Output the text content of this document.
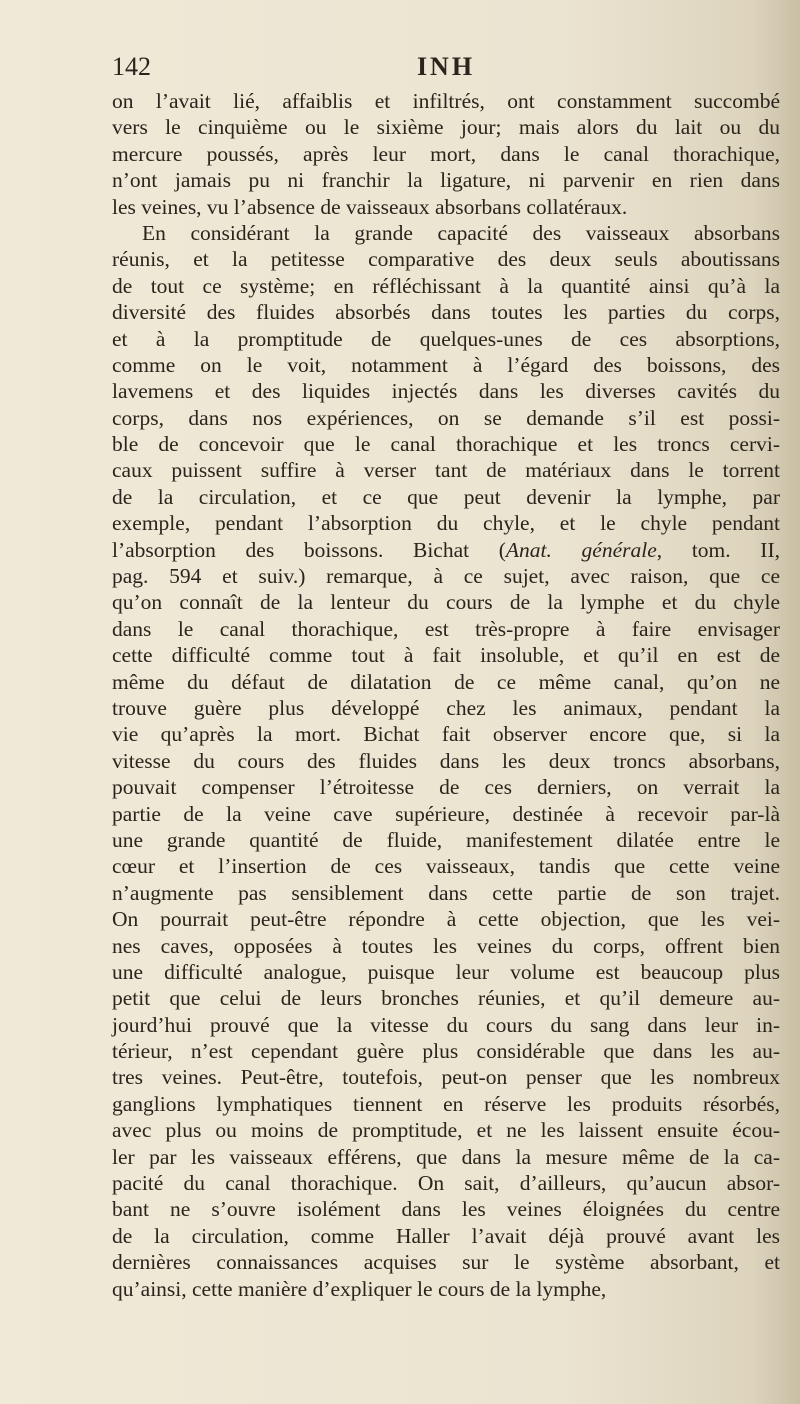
142	INH
on l’avait lié, affaiblis et infiltrés, ont constamment succombé
vers le cinquième ou le sixième jour; mais alors du lait ou du
mercure poussés, après leur mort, dans le canal thorachique,
n’ont jamais pu ni franchir la ligature, ni parvenir en rien dans
les veines, vu l’absence de vaisseaux absorbans collatéraux.
En considérant la grande capacité des vaisseaux absorbans
réunis, et la petitesse comparative des deux seuls aboutissans
de tout ce système; en réfléchissant à la quantité ainsi qu’à la
diversité des fluides absorbés dans toutes les parties du corps,
et à la promptitude de quelques-unes de ces absorptions,
comme on le voit, notamment à l’égard des boissons, des
lavemens et des liquides injectés dans les diverses cavités du
corps, dans nos expériences, on se demande s’il est possi-
ble de concevoir que le canal thorachique et les troncs cervi-
caux puissent suffire à verser tant de matériaux dans le torrent
de la circulation, et ce que peut devenir la lymphe, par
exemple, pendant l’absorption du chyle, et le chyle pendant
l’absorption des boissons. Bichat (Anat. générale, tom. II,
pag. 594 et suiv.) remarque, à ce sujet, avec raison, que ce
qu’on connaît de la lenteur du cours de la lymphe et du chyle
dans le canal thorachique, est très-propre à faire envisager
cette difficulté comme tout à fait insoluble, et qu’il en est de
même du défaut de dilatation de ce même canal, qu’on ne
trouve guère plus développé chez les animaux, pendant la
vie qu’après la mort. Bichat fait observer encore que, si la
vitesse du cours des fluides dans les deux troncs absorbans,
pouvait compenser l’étroitesse de ces derniers, on verrait la
partie de la veine cave supérieure, destinée à recevoir par-là
une grande quantité de fluide, manifestement dilatée entre le
cœur et l’insertion de ces vaisseaux, tandis que cette veine
n’augmente pas sensiblement dans cette partie de son trajet.
On pourrait peut-être répondre à cette objection, que les vei-
nes caves, opposées à toutes les veines du corps, offrent bien
une difficulté analogue, puisque leur volume est beaucoup plus
petit que celui de leurs bronches réunies, et qu’il demeure au-
jourd’hui prouvé que la vitesse du cours du sang dans leur in-
térieur, n’est cependant guère plus considérable que dans les au-
tres veines. Peut-être, toutefois, peut-on penser que les nombreux
ganglions lymphatiques tiennent en réserve les produits résorbés,
avec plus ou moins de promptitude, et ne les laissent ensuite écou-
ler par les vaisseaux efférens, que dans la mesure même de la ca-
pacité du canal thorachique. On sait, d’ailleurs, qu’aucun absor-
bant ne s’ouvre isolément dans les veines éloignées du centre
de la circulation, comme Haller l’avait déjà prouvé avant les
dernières connaissances acquises sur le système absorbant, et
qu’ainsi, cette manière d’expliquer le cours de la lymphe,
